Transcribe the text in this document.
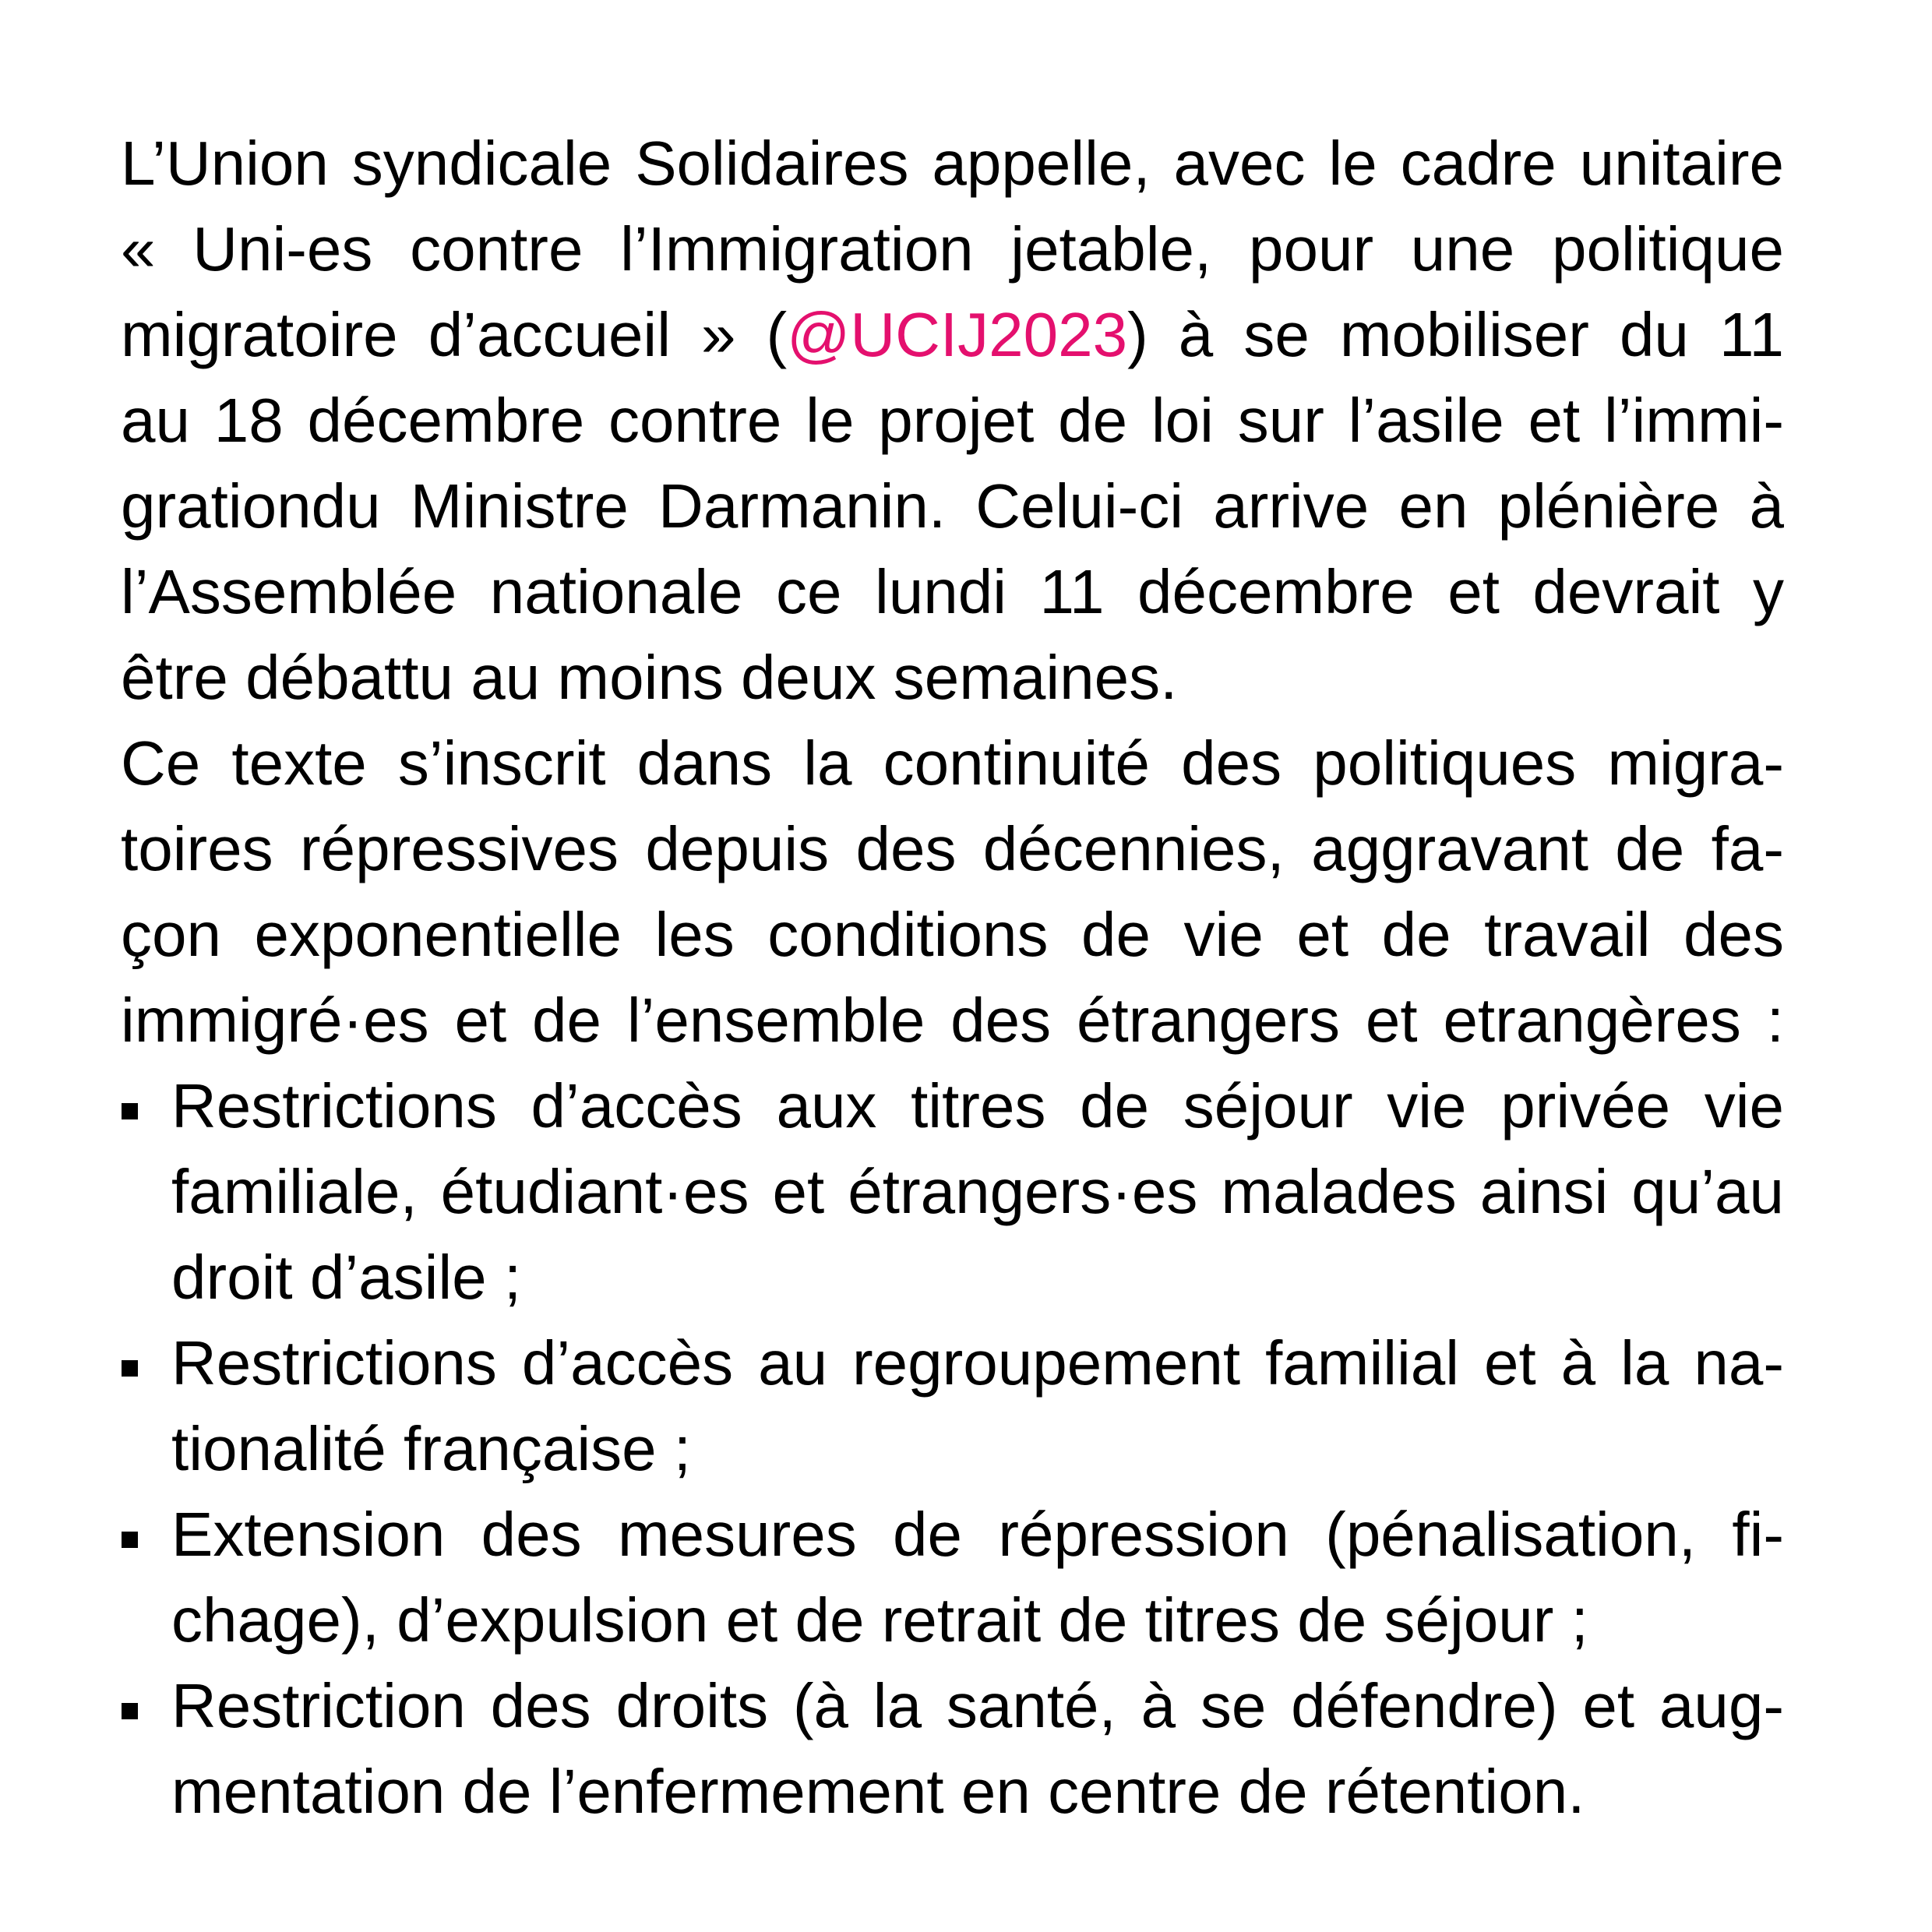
L’Union syndicale Solidaires appelle, avec le cadre unitaire
« Uni-es contre l’Immigration jetable, pour une politique
migratoire d’accueil » (@UCIJ2023) à se mobiliser du 11
au 18 décembre contre le projet de loi sur l’asile et l’immi-
grationdu Ministre Darmanin. Celui-ci arrive en plénière à
l’Assemblée nationale ce lundi 11 décembre et devrait y
être débattu au moins deux semaines.
Ce texte s’inscrit dans la continuité des politiques migra-
toires répressives depuis des décennies, aggravant de fa-
çon exponentielle les conditions de vie et de travail des
immigré·es et de l’ensemble des étrangers et etrangères :
Restrictions d’accès aux titres de séjour vie privée vie
familiale, étudiant·es et étrangers·es malades ainsi qu’au
droit d’asile ;
Restrictions d’accès au regroupement familial et à la na-
tionalité française ;
Extension des mesures de répression (pénalisation, fi-
chage), d’expulsion et de retrait de titres de séjour ;
Restriction des droits (à la santé, à se défendre) et aug-
mentation de l’enfermement en centre de rétention.
